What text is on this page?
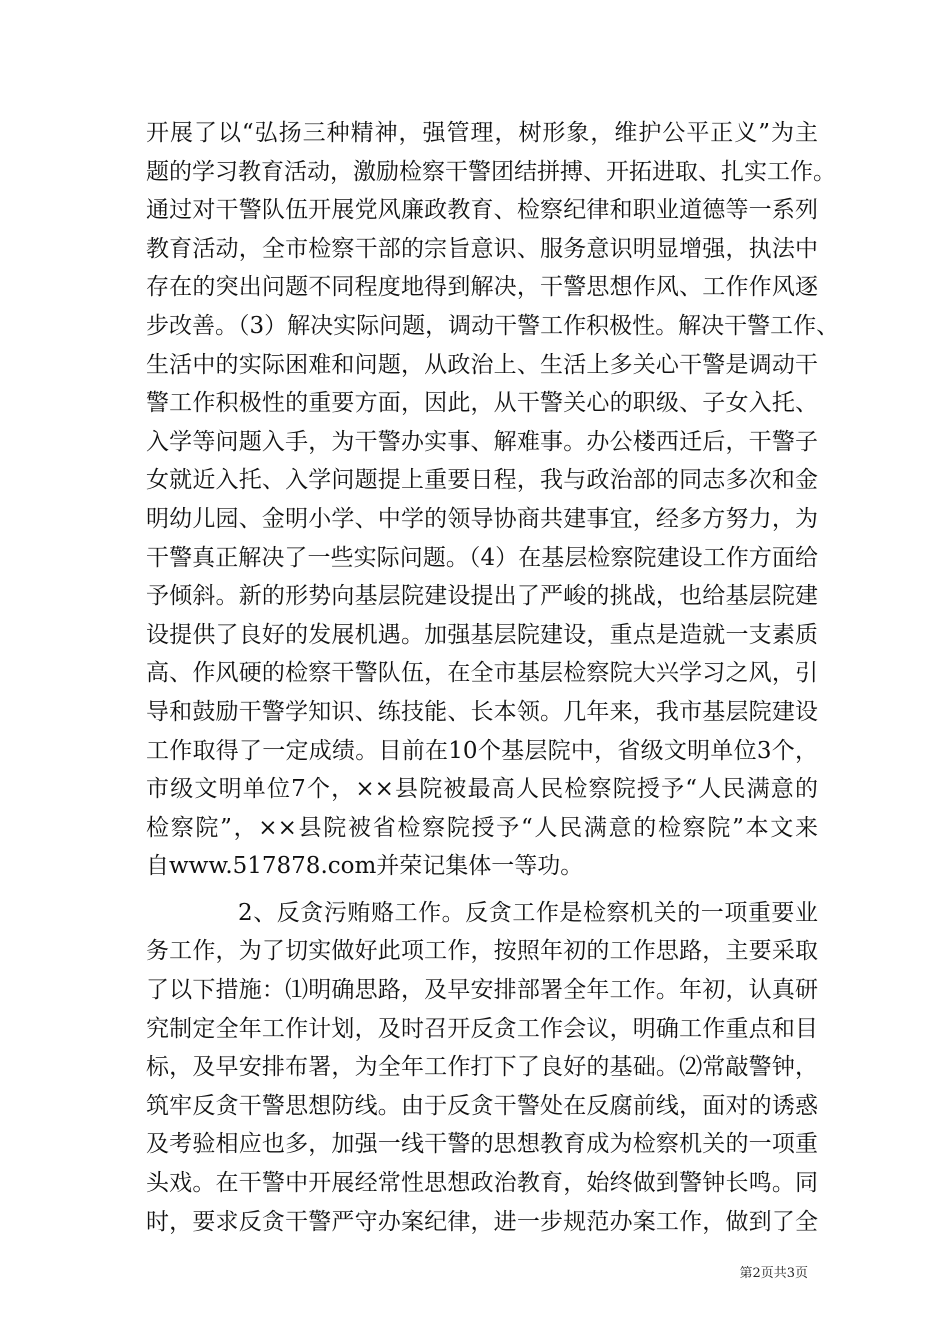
开展了以“弘扬三种精神，强管理，树形象，维护公平正义”为主
题的学习教育活动，激励检察干警团结拼搏、开拓进取、扎实工作。
通过对干警队伍开展党风廉政教育、检察纪律和职业道德等一系列
教育活动，全市检察干部的宗旨意识、服务意识明显增强，执法中
存在的突出问题不同程度地得到解决，干警思想作风、工作作风逐
步改善。（3）解决实际问题，调动干警工作积极性。解决干警工作、
生活中的实际困难和问题，从政治上、生活上多关心干警是调动干
警工作积极性的重要方面，因此，从干警关心的职级、子女入托、
入学等问题入手，为干警办实事、解难事。办公楼西迁后，干警子
女就近入托、入学问题提上重要日程，我与政治部的同志多次和金
明幼儿园、金明小学、中学的领导协商共建事宜，经多方努力，为
干警真正解决了一些实际问题。（4）在基层检察院建设工作方面给
予倾斜。新的形势向基层院建设提出了严峻的挑战，也给基层院建
设提供了良好的发展机遇。加强基层院建设，重点是造就一支素质
高、作风硬的检察干警队伍，在全市基层检察院大兴学习之风，引
导和鼓励干警学知识、练技能、长本领。几年来，我市基层院建设
工作取得了一定成绩。目前在10个基层院中，省级文明单位3个，
市级文明单位7个，××县院被最高人民检察院授予“人民满意的
检察院”，××县院被省检察院授予“人民满意的检察院”本文来
自www.517878.com并荣记集体一等功。
2、反贪污贿赂工作。反贪工作是检察机关的一项重要业
务工作，为了切实做好此项工作，按照年初的工作思路，主要采取
了以下措施：⑴明确思路，及早安排部署全年工作。年初，认真研
究制定全年工作计划，及时召开反贪工作会议，明确工作重点和目
标，及早安排布署，为全年工作打下了良好的基础。⑵常敲警钟，
筑牢反贪干警思想防线。由于反贪干警处在反腐前线，面对的诱惑
及考验相应也多，加强一线干警的思想教育成为检察机关的一项重
头戏。在干警中开展经常性思想政治教育，始终做到警钟长鸣。同
时，要求反贪干警严守办案纪律，进一步规范办案工作，做到了全
第2页共3页
